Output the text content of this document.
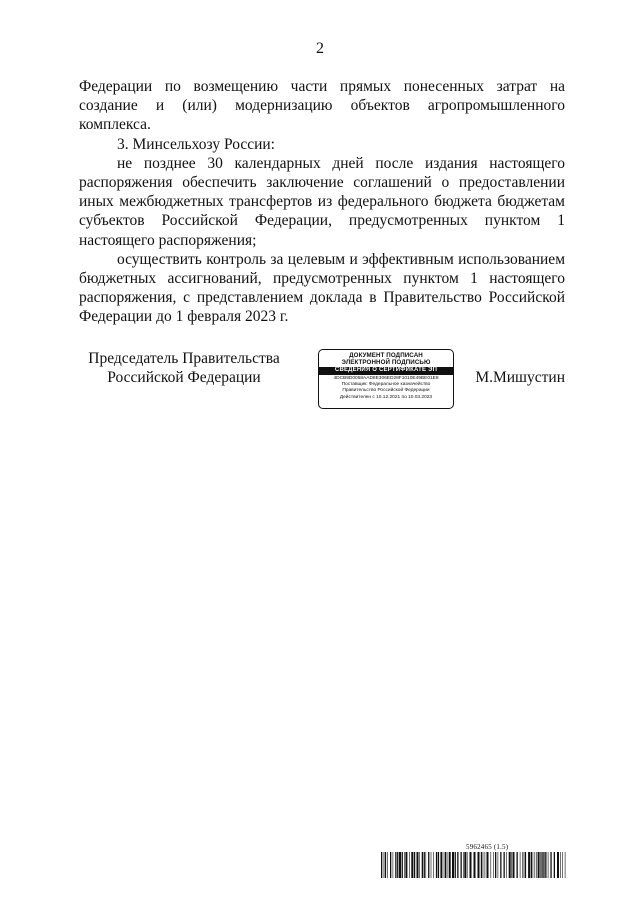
2

Федерации по возмещению части прямых понесенных затрат на создание и (или) модернизацию объектов агропромышленного комплекса.

3. Минсельхозу России:

не позднее 30 календарных дней после издания настоящего распоряжения обеспечить заключение соглашений о предоставлении иных межбюджетных трансфертов из федерального бюджета бюджетам субъектов Российской Федерации, предусмотренных пунктом 1 настоящего распоряжения;

осуществить контроль за целевым и эффективным использованием бюджетных ассигнований, предусмотренных пунктом 1 настоящего распоряжения, с представлением доклада в Правительство Российской Федерации до 1 февраля 2023 г.

Председатель Правительства
Российской Федерации	М.Мишустин
ДОКУМЕНТ ПОДПИСАН
ЭЛЕКТРОННОЙ ПОДПИСЬЮ
СВЕДЕНИЯ О СЕРТИФИКАТЕ ЭП
4DCB9D0058AAD8E306ED28F1010E49BE01E8
Поставщик: Федеральное казначейство
Правительство Российской Федерации
Действителен с 10.12.2021 по 10.03.2023
5962465 (1.5)
